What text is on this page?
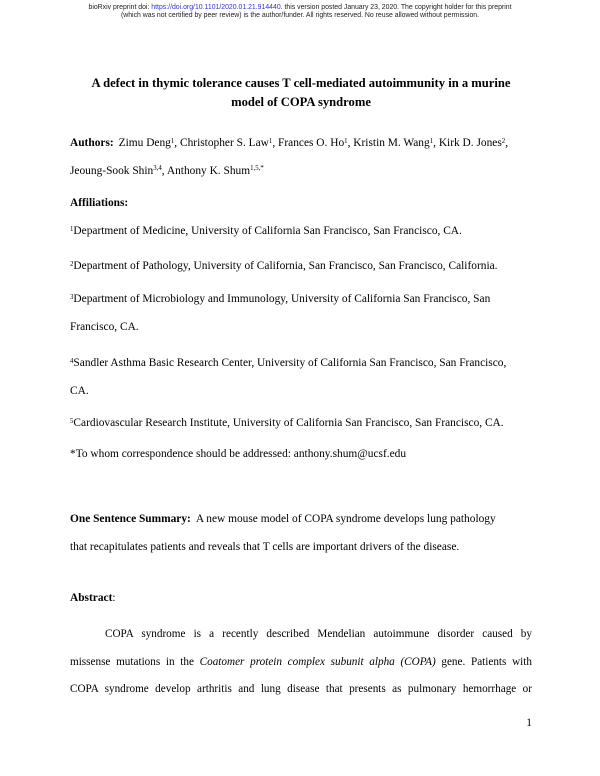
bioRxiv preprint doi: https://doi.org/10.1101/2020.01.21.914440. this version posted January 23, 2020. The copyright holder for this preprint
(which was not certified by peer review) is the author/funder. All rights reserved. No reuse allowed without permission.
A defect in thymic tolerance causes T cell-mediated autoimmunity in a murine
model of COPA syndrome
Authors: Zimu Deng$^1$, Christopher S. Law$^1$, Frances O. Ho$^1$, Kristin M. Wang$^1$, Kirk D. Jones$^2$,
Jeoung-Sook Shin$^{3,4}$, Anthony K. Shum$^{1,5,*}$
Affiliations:
$^1$Department of Medicine, University of California San Francisco, San Francisco, CA.
$^2$Department of Pathology, University of California, San Francisco, San Francisco, California.
$^3$Department of Microbiology and Immunology, University of California San Francisco, San
Francisco, CA.
$^4$Sandler Asthma Basic Research Center, University of California San Francisco, San Francisco,
CA.
$^5$Cardiovascular Research Institute, University of California San Francisco, San Francisco, CA.
*To whom correspondence should be addressed: anthony.shum@ucsf.edu
One Sentence Summary: A new mouse model of COPA syndrome develops lung pathology
that recapitulates patients and reveals that T cells are important drivers of the disease.
Abstract:
COPA syndrome is a recently described Mendelian autoimmune disorder caused by
missense mutations in the Coatomer protein complex subunit alpha (COPA) gene. Patients with
COPA syndrome develop arthritis and lung disease that presents as pulmonary hemorrhage or
1
